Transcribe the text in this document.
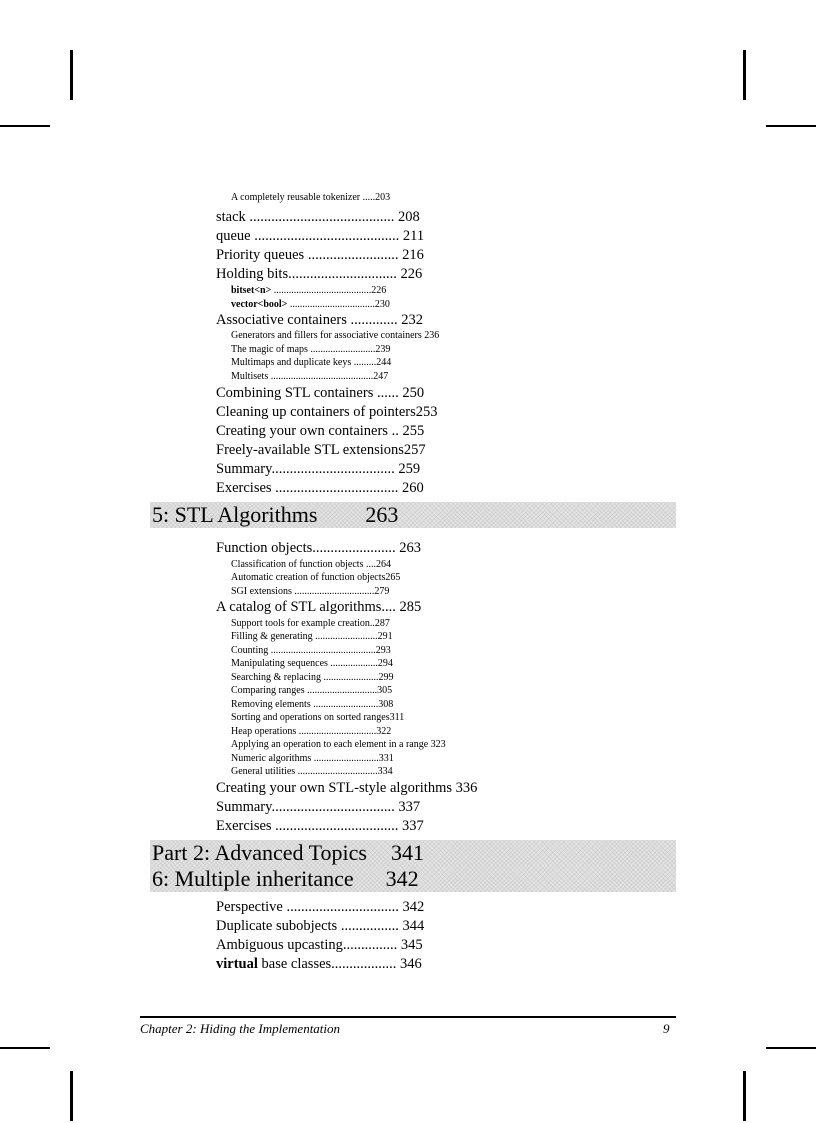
A completely reusable tokenizer .....203
stack ........................................ 208
queue ........................................ 211
Priority queues ......................... 216
Holding bits.............................. 226
bitset<n> .......................................226
vector<bool> ..................................230
Associative containers ............. 232
Generators and fillers for associative containers 236
The magic of maps ..........................239
Multimaps and duplicate keys .........244
Multisets .........................................247
Combining STL containers ...... 250
Cleaning up containers of pointers253
Creating your own containers .. 255
Freely-available STL extensions257
Summary.................................. 259
Exercises .................................. 260
5: STL Algorithms 263
Function objects....................... 263
Classification of function objects ....264
Automatic creation of function objects265
SGI extensions ................................279
A catalog of STL algorithms.... 285
Support tools for example creation..287
Filling & generating .........................291
Counting ..........................................293
Manipulating sequences ...................294
Searching & replacing ......................299
Comparing ranges ............................305
Removing elements ..........................308
Sorting and operations on sorted ranges311
Heap operations ...............................322
Applying an operation to each element in a range 323
Numeric algorithms ..........................331
General utilities ................................334
Creating your own STL-style algorithms 336
Summary.................................. 337
Exercises .................................. 337
Part 2: Advanced Topics 341
6: Multiple inheritance 342
Perspective ............................... 342
Duplicate subobjects ................ 344
Ambiguous upcasting............... 345
virtual base classes.................. 346
Chapter 2: Hiding the Implementation	9
